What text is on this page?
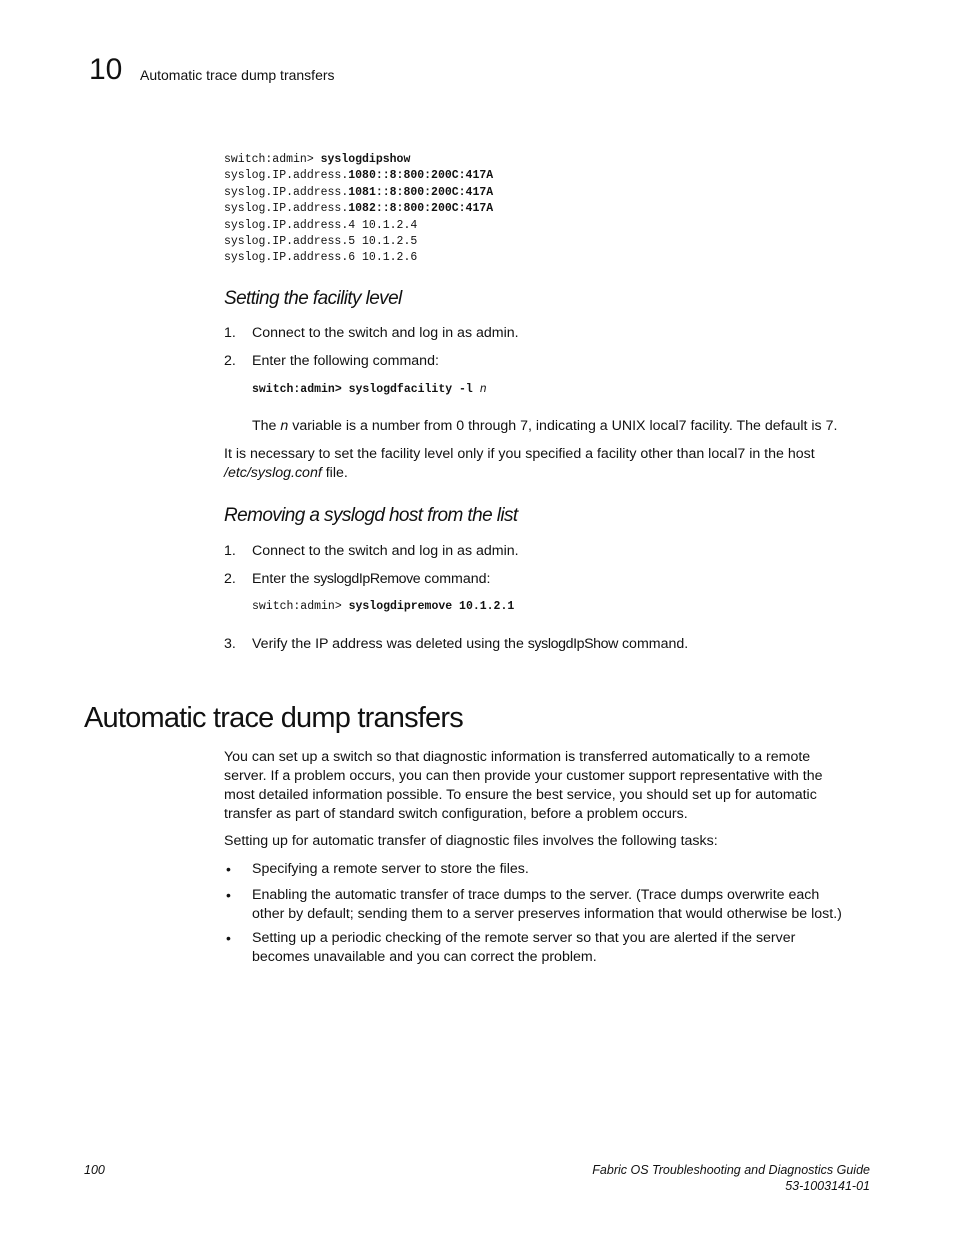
10 Automatic trace dump transfers
switch:admin> syslogdipshow
syslog.IP.address.1080::8:800:200C:417A
syslog.IP.address.1081::8:800:200C:417A
syslog.IP.address.1082::8:800:200C:417A
syslog.IP.address.4 10.1.2.4
syslog.IP.address.5 10.1.2.5
syslog.IP.address.6 10.1.2.6
Setting the facility level
1. Connect to the switch and log in as admin.
2. Enter the following command:
switch:admin> syslogdfacility -l n
The n variable is a number from 0 through 7, indicating a UNIX local7 facility. The default is 7.
It is necessary to set the facility level only if you specified a facility other than local7 in the host
/etc/syslog.conf file.
Removing a syslogd host from the list
1. Connect to the switch and log in as admin.
2. Enter the syslogdIpRemove command:
switch:admin> syslogdipremove 10.1.2.1
3. Verify the IP address was deleted using the syslogdIpShow command.
Automatic trace dump transfers
You can set up a switch so that diagnostic information is transferred automatically to a remote
server. If a problem occurs, you can then provide your customer support representative with the
most detailed information possible. To ensure the best service, you should set up for automatic
transfer as part of standard switch configuration, before a problem occurs.
Setting up for automatic transfer of diagnostic files involves the following tasks:
• Specifying a remote server to store the files.
• Enabling the automatic transfer of trace dumps to the server. (Trace dumps overwrite each
other by default; sending them to a server preserves information that would otherwise be lost.)
• Setting up a periodic checking of the remote server so that you are alerted if the server
becomes unavailable and you can correct the problem.
100	Fabric OS Troubleshooting and Diagnostics Guide
53-1003141-01
